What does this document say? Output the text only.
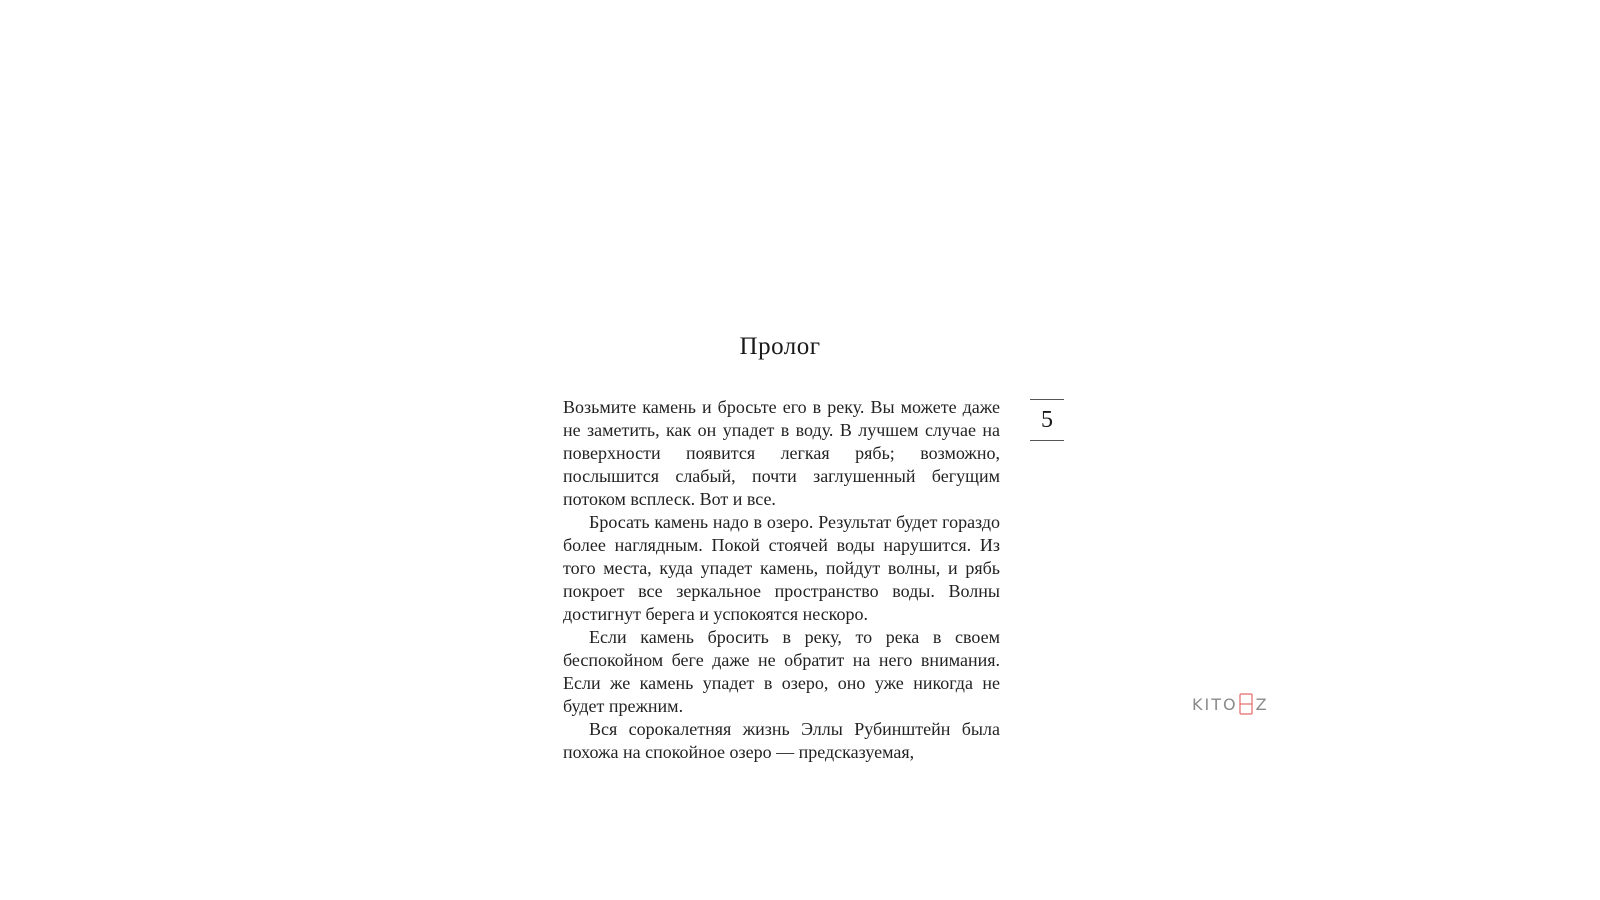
Пролог

Возьмите камень и бросьте его в реку. Вы можете даже не заметить, как он упадет в воду. В лучшем случае на поверхности появится легкая рябь; возможно, послышится слабый, почти заглушенный бегущим потоком всплеск. Вот и все.

Бросать камень надо в озеро. Результат будет гораздо более наглядным. Покой стоячей воды нарушится. Из того места, куда упадет камень, пойдут волны, и рябь покроет все зеркальное пространство воды. Волны достигнут берега и успокоятся нескоро.

Если камень бросить в реку, то река в своем беспокойном беге даже не обратит на него внимания. Если же камень упадет в озеро, оно уже никогда не будет прежним.

Вся сорокалетняя жизнь Эллы Рубинштейн была похожа на спокойное озеро — предсказуемая,

5
KITO Z
